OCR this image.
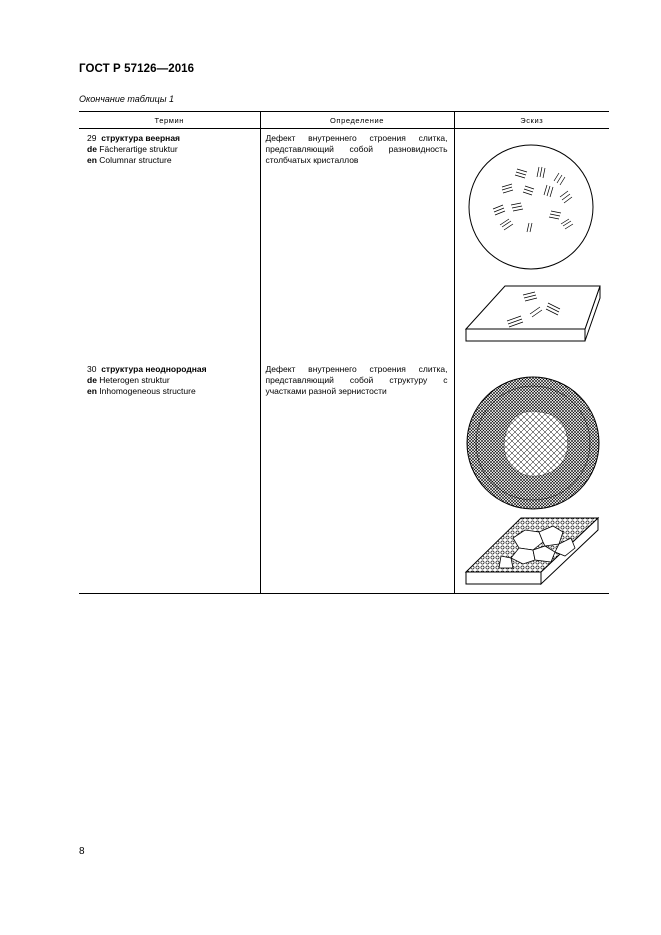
ГОСТ Р 57126—2016
Окончание таблицы 1
Термин	Определение	Эскиз

29 структура веерная
de Fächerartige struktur
en Columnar structure	Дефект внутреннего строения слитка, представляющий собой разновидность столбчатых кристаллов

30 структура неоднородная
de Heterogen struktur
en Inhomogeneous structure	Дефект внутреннего строения слитка, представляющий собой структуру с участками разной зернистости

8
